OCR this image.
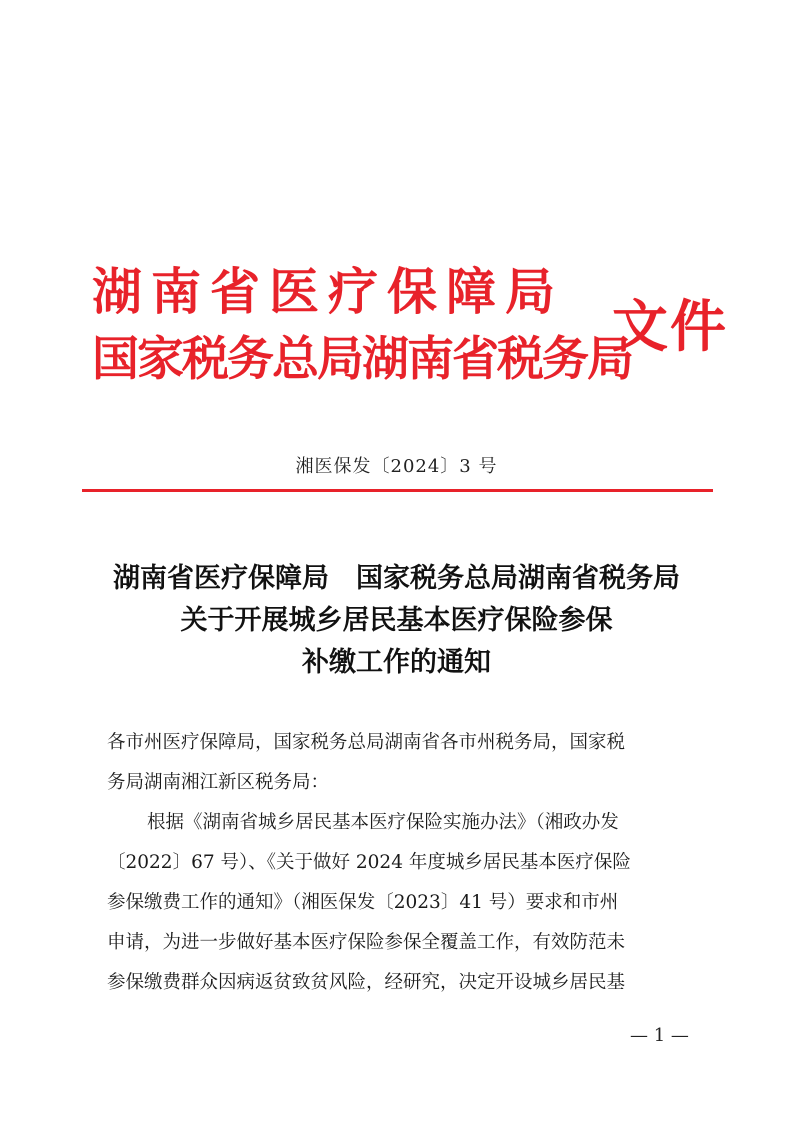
湖南省医疗保障局
国家税务总局湖南省税务局
文件
湘医保发〔2024〕3 号
湖南省医疗保障局　国家税务总局湖南省税务局
关于开展城乡居民基本医疗保险参保
补缴工作的通知
各市州医疗保障局，国家税务总局湖南省各市州税务局，国家税
务局湖南湘江新区税务局：
根据《湖南省城乡居民基本医疗保险实施办法》（湘政办发
〔2022〕67 号）、《关于做好 2024 年度城乡居民基本医疗保险
参保缴费工作的通知》（湘医保发〔2023〕41 号）要求和市州
申请，为进一步做好基本医疗保险参保全覆盖工作，有效防范未
参保缴费群众因病返贫致贫风险，经研究，决定开设城乡居民基
— 1 —
